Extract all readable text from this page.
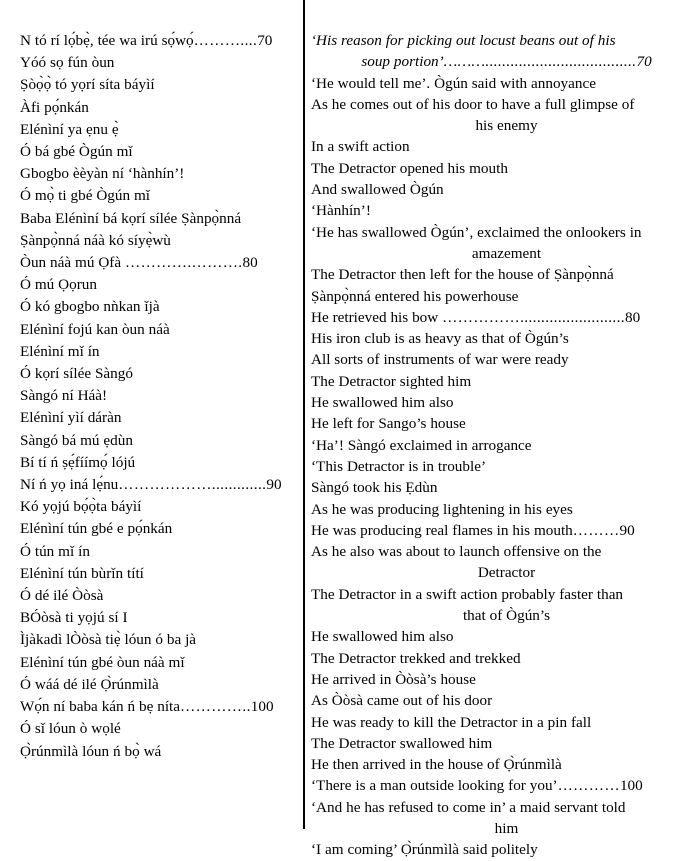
N tó rí lọ́bẹ̀, tée wa irú sọ́wọ́………....70
Yóó sọ fún òun
Ṣòọ̀ọ̀ tó yọrí síta báyìí
Àfi pọ́nkán
Elénìní ya ẹnu ẹ̀
Ó bá gbé Ògún mǐ
Gbogbo èèyàn ní ‘hànhín’!
Ó mọ̀ ti gbé Ògún mǐ
Baba Elénìní bá kọrí sílée Ṣànpọ̀nná
Ṣànpọ̀nná náà kó síyẹ̀wù
Òun náà mú Ọfà ………….……….80
Ó mú Ọọrun
Ó kó gbogbo nǹkan ǐjà
Elénìní fojú kan òun náà
Elénìní mǐ ín
Ó kọrí sílée Sàngó
Sàngó ní Háà!
Elénìní yìí dáràn
Sàngó bá mú ẹdùn
Bí tí ń ṣẹ́fíímọ́ lójú
Ní ń yọ iná lẹ́nu……………….............90
Kó yọjú bọ́ọ̀ta báyìí
Elénìní tún gbé e pọ́nkán
Ó tún mǐ ín
Elénìní tún bùrǐn títí
Ó dé ilé Òòsà
BÓòsà ti yọjú sí I
Ìjàkadì lÒòsà tiẹ̀ lóun ó ba jà
Elénìní tún gbé òun náà mǐ
Ó wáá dé ilé Ọ̀rúnmìlà
Wọ́n ní baba kán ń bẹ níta…………..100
Ó sǐ lóun ò wọlé
Ọ̀rúnmìlà lóun ń bọ̀ wá
‘His reason for picking out locust beans out of his
soup portion’………....................................70
‘He would tell me’. Ògún said with annoyance
As he comes out of his door to have a full glimpse of
his enemy
In a swift action
The Detractor opened his mouth
And swallowed Ògún
‘Hànhín’!
‘He has swallowed Ògún’, exclaimed the onlookers in
amazement
The Detractor then left for the house of Ṣànpọ̀nná
Ṣànpọ̀nná entered his powerhouse
He retrieved his bow …………….........................80
His iron club is as heavy as that of Ògún’s
All sorts of instruments of war were ready
The Detractor sighted him
He swallowed him also
He left for Sango’s house
‘Ha’! Sàngó exclaimed in arrogance
‘This Detractor is in trouble’
Sàngó took his Ẹdùn
As he was producing lightening in his eyes
He was producing real flames in his mouth………90
As he also was about to launch offensive on the
Detractor
The Detractor in a swift action probably faster than
that of Ògún’s
He swallowed him also
The Detractor trekked and trekked
He arrived in Òòsà’s house
As Òòsà came out of his door
He was ready to kill the Detractor in a pin fall
The Detractor swallowed him
He then arrived in the house of Ọ̀rúnmìlà
‘There is a man outside looking for you’…………100
‘And he has refused to come in’ a maid servant told
him
‘I am coming’ Ọ̀rúnmìlà said politely
